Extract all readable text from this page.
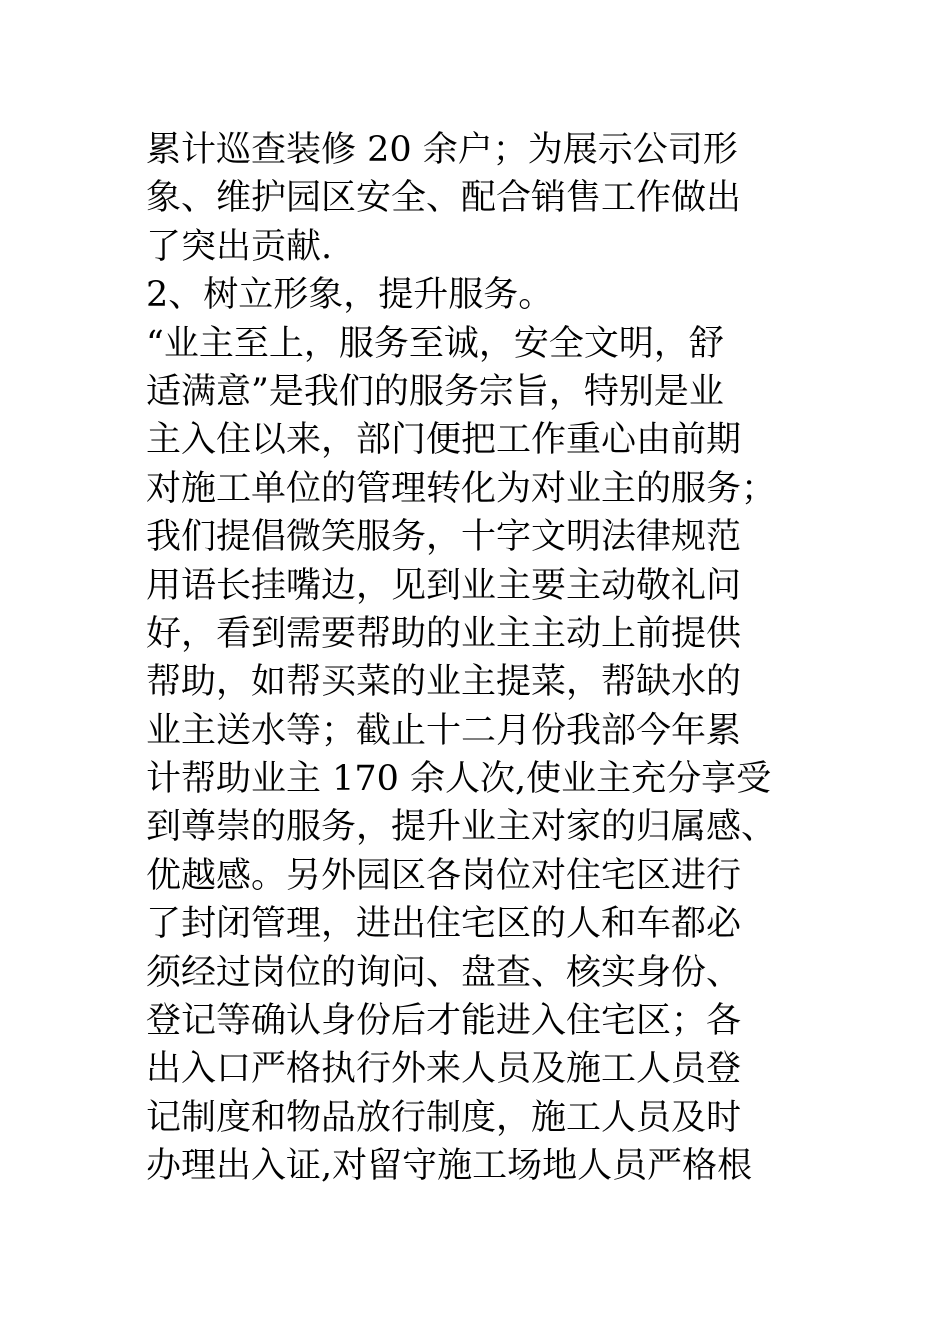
累计巡查装修 20 余户；为展示公司形
象、维护园区安全、配合销售工作做出
了突出贡献.
2、树立形象，提升服务。
“业主至上，服务至诚，安全文明，舒
适满意”是我们的服务宗旨，特别是业
主入住以来，部门便把工作重心由前期
对施工单位的管理转化为对业主的服务；
我们提倡微笑服务，十字文明法律规范
用语长挂嘴边，见到业主要主动敬礼问
好，看到需要帮助的业主主动上前提供
帮助，如帮买菜的业主提菜，帮缺水的
业主送水等；截止十二月份我部今年累
计帮助业主 170 余人次,使业主充分享受
到尊崇的服务，提升业主对家的归属感、
优越感。另外园区各岗位对住宅区进行
了封闭管理，进出住宅区的人和车都必
须经过岗位的询问、盘查、核实身份、
登记等确认身份后才能进入住宅区；各
出入口严格执行外来人员及施工人员登
记制度和物品放行制度，施工人员及时
办理出入证,对留守施工场地人员严格根
